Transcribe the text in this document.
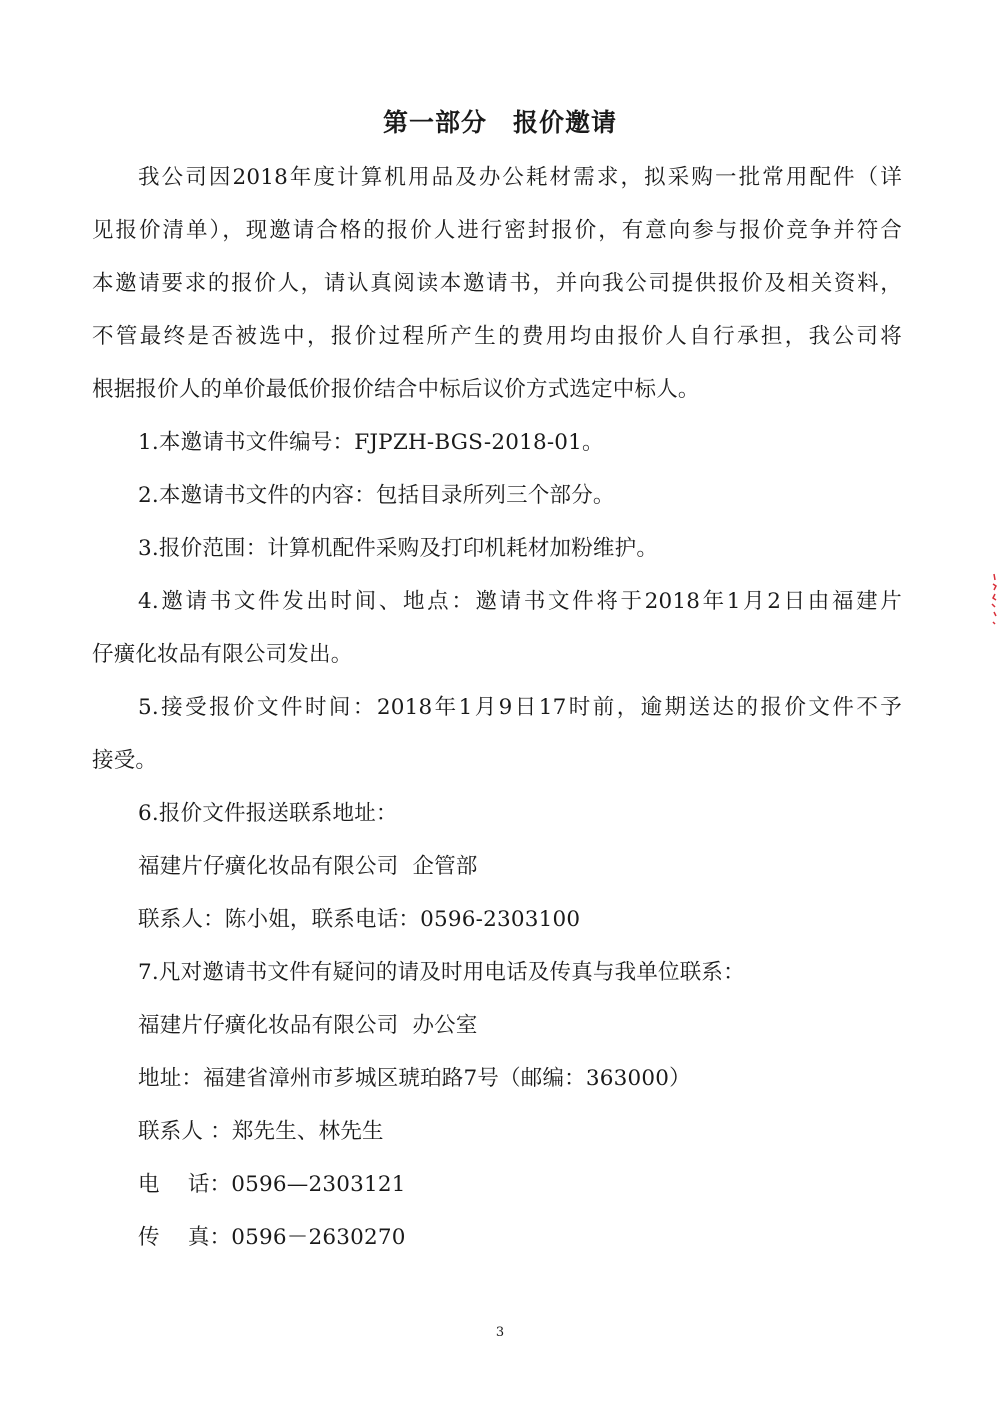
第一部分 报价邀请
我公司因2018年度计算机用品及办公耗材需求，拟采购一批常用配件（详
见报价清单），现邀请合格的报价人进行密封报价，有意向参与报价竞争并符合
本邀请要求的报价人，请认真阅读本邀请书，并向我公司提供报价及相关资料，
不管最终是否被选中，报价过程所产生的费用均由报价人自行承担，我公司将
根据报价人的单价最低价报价结合中标后议价方式选定中标人。
1.本邀请书文件编号：FJPZH-BGS-2018-01。
2.本邀请书文件的内容：包括目录所列三个部分。
3.报价范围：计算机配件采购及打印机耗材加粉维护。
4.邀请书文件发出时间、地点：邀请书文件将于2018年1月2日由福建片
仔癀化妆品有限公司发出。
5.接受报价文件时间：2018年1月9日17时前，逾期送达的报价文件不予
接受。
6.报价文件报送联系地址：
福建片仔癀化妆品有限公司  企管部
联系人：陈小姐，联系电话：0596-2303100
7.凡对邀请书文件有疑问的请及时用电话及传真与我单位联系：
福建片仔癀化妆品有限公司  办公室
地址：福建省漳州市芗城区琥珀路7号（邮编：363000）
联系人 ：郑先生、林先生
电    话：0596—2303121
传    真：0596－2630270
3
